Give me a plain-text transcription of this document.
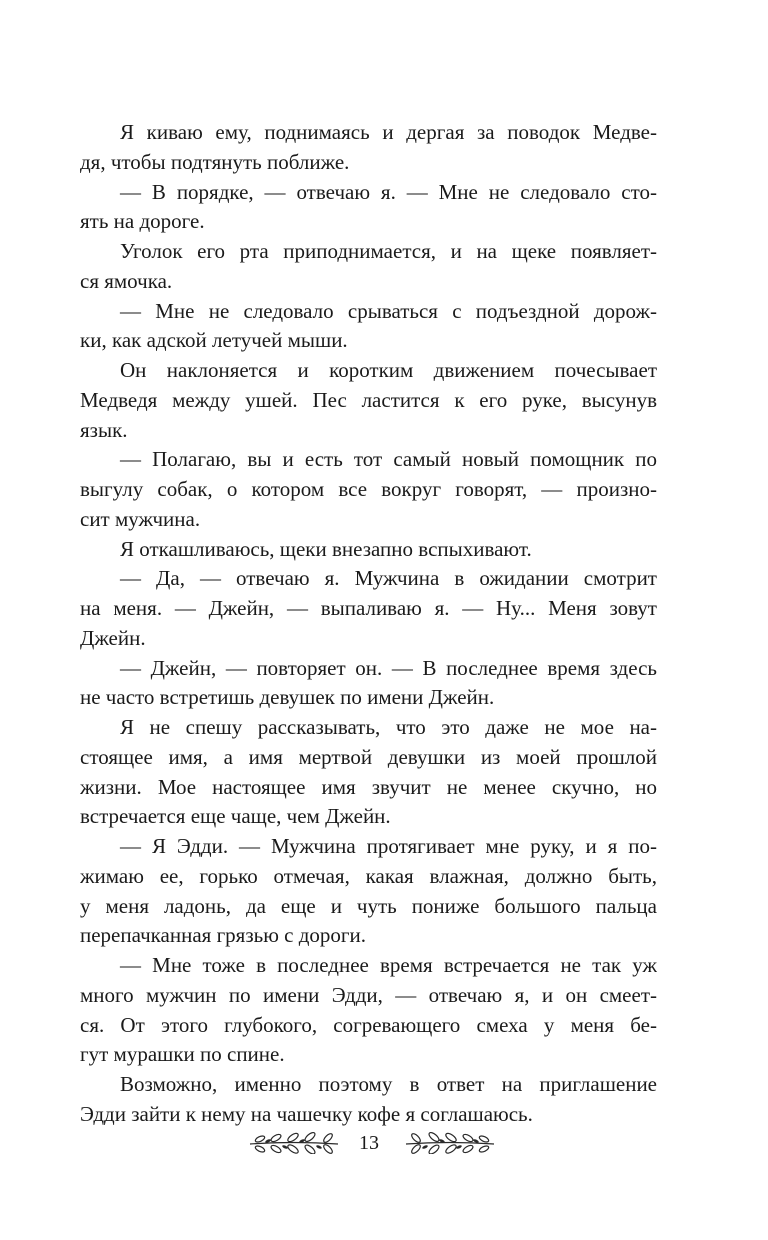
Я киваю ему, поднимаясь и дергая за поводок Медве-
дя, чтобы подтянуть поближе.
— В порядке, — отвечаю я. — Мне не следовало сто-
ять на дороге.
Уголок его рта приподнимается, и на щеке появляет-
ся ямочка.
— Мне не следовало срываться с подъездной дорож-
ки, как адской летучей мыши.
Он наклоняется и коротким движением почесывает
Медведя между ушей. Пес ластится к его руке, высунув
язык.
— Полагаю, вы и есть тот самый новый помощник по
выгулу собак, о котором все вокруг говорят, — произно-
сит мужчина.
Я откашливаюсь, щеки внезапно вспыхивают.
— Да, — отвечаю я. Мужчина в ожидании смотрит
на меня. — Джейн, — выпаливаю я. — Ну... Меня зовут
Джейн.
— Джейн, — повторяет он. — В последнее время здесь
не часто встретишь девушек по имени Джейн.
Я не спешу рассказывать, что это даже не мое на-
стоящее имя, а имя мертвой девушки из моей прошлой
жизни. Мое настоящее имя звучит не менее скучно, но
встречается еще чаще, чем Джейн.
— Я Эдди. — Мужчина протягивает мне руку, и я по-
жимаю ее, горько отмечая, какая влажная, должно быть,
у меня ладонь, да еще и чуть пониже большого пальца
перепачканная грязью с дороги.
— Мне тоже в последнее время встречается не так уж
много мужчин по имени Эдди, — отвечаю я, и он смеет-
ся. От этого глубокого, согревающего смеха у меня бе-
гут мурашки по спине.
Возможно, именно поэтому в ответ на приглашение
Эдди зайти к нему на чашечку кофе я соглашаюсь.
13
